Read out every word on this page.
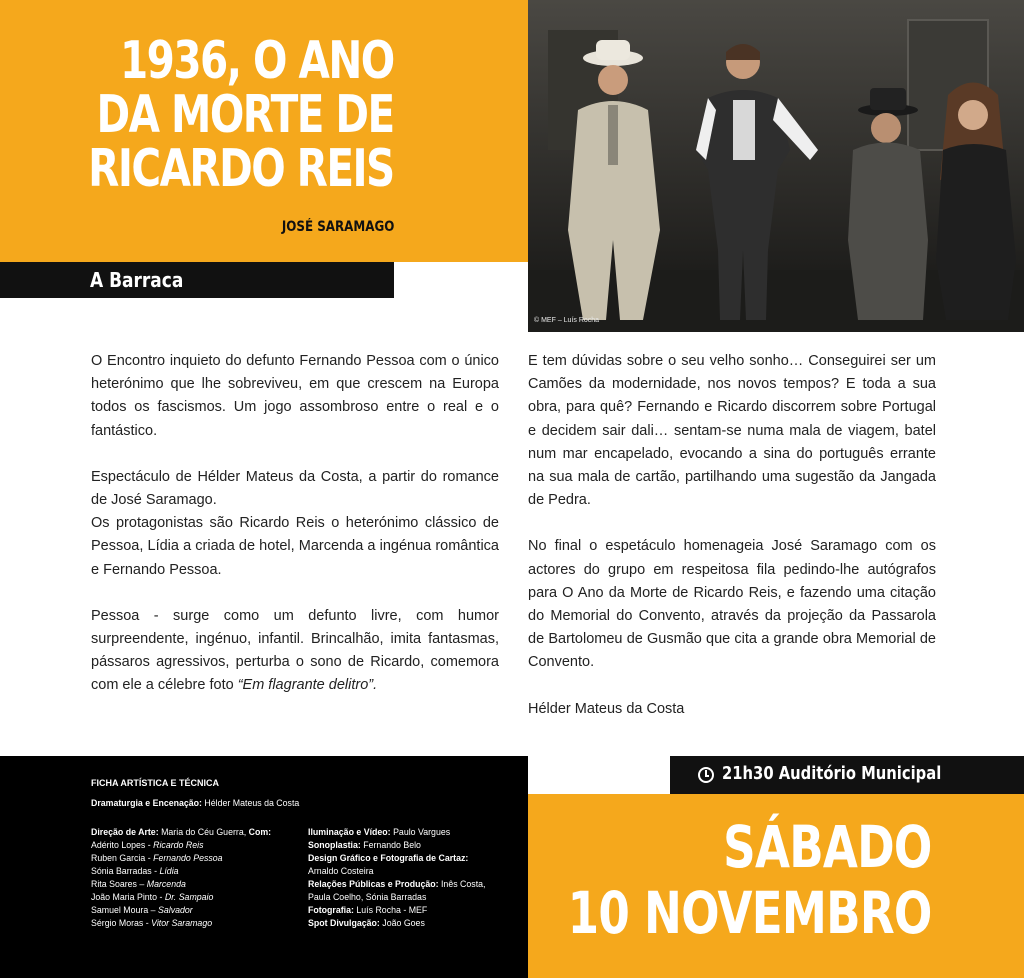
1936, O ANO
DA MORTE DE
RICARDO REIS
JOSÉ SARAMAGO
A Barraca
© MEF – Luís Rocha

O Encontro inquieto do defunto Fernando Pessoa com o único heterónimo que lhe sobreviveu, em que crescem na Europa todos os fascismos. Um jogo assombroso entre o real e o fantástico.

Espectáculo de Hélder Mateus da Costa, a partir do romance de José Saramago.

Os protagonistas são Ricardo Reis o heterónimo clássico de Pessoa, Lídia a criada de hotel, Marcenda a ingénua romântica e Fernando Pessoa.

Pessoa - surge como um defunto livre, com humor surpreendente, ingénuo, infantil. Brincalhão, imita fantasmas, pássaros agressivos, perturba o sono de Ricardo, comemora com ele a célebre foto “Em flagrante delitro”.

E tem dúvidas sobre o seu velho sonho… Conseguirei ser um Camões da modernidade, nos novos tempos? E toda a sua obra, para quê? Fernando e Ricardo discorrem sobre Portugal e decidem sair dali… sentam-se numa mala de viagem, batel num mar encapelado, evocando a sina do português errante na sua mala de cartão, partilhando uma sugestão da Jangada de Pedra.

No final o espetáculo homenageia José Saramago com os actores do grupo em respeitosa fila pedindo-lhe autógrafos para O Ano da Morte de Ricardo Reis, e fazendo uma citação do Memorial do Convento, através da projeção da Passarola de Bartolomeu de Gusmão que cita a grande obra Memorial de Convento.

Hélder Mateus da Costa

FICHA ARTÍSTICA E TÉCNICA
Dramaturgia e Encenação: Hélder Mateus da Costa
Direção de Arte: Maria do Céu Guerra, Com:
Adérito Lopes - Ricardo Reis
Ruben Garcia - Fernando Pessoa
Sónia Barradas - Lídia
Rita Soares – Marcenda
João Maria Pinto - Dr. Sampaio
Samuel Moura – Salvador
Sérgio Moras - Vitor Saramago
Iluminação e Vídeo: Paulo Vargues
Sonoplastia: Fernando Belo
Design Gráfico e Fotografia de Cartaz:
Arnaldo Costeira
Relações Públicas e Produção: Inês Costa,
Paula Coelho, Sónia Barradas
Fotografia: Luís Rocha - MEF
Spot Divulgação: João Goes
21h30 Auditório Municipal
SÁBADO
10 NOVEMBRO
